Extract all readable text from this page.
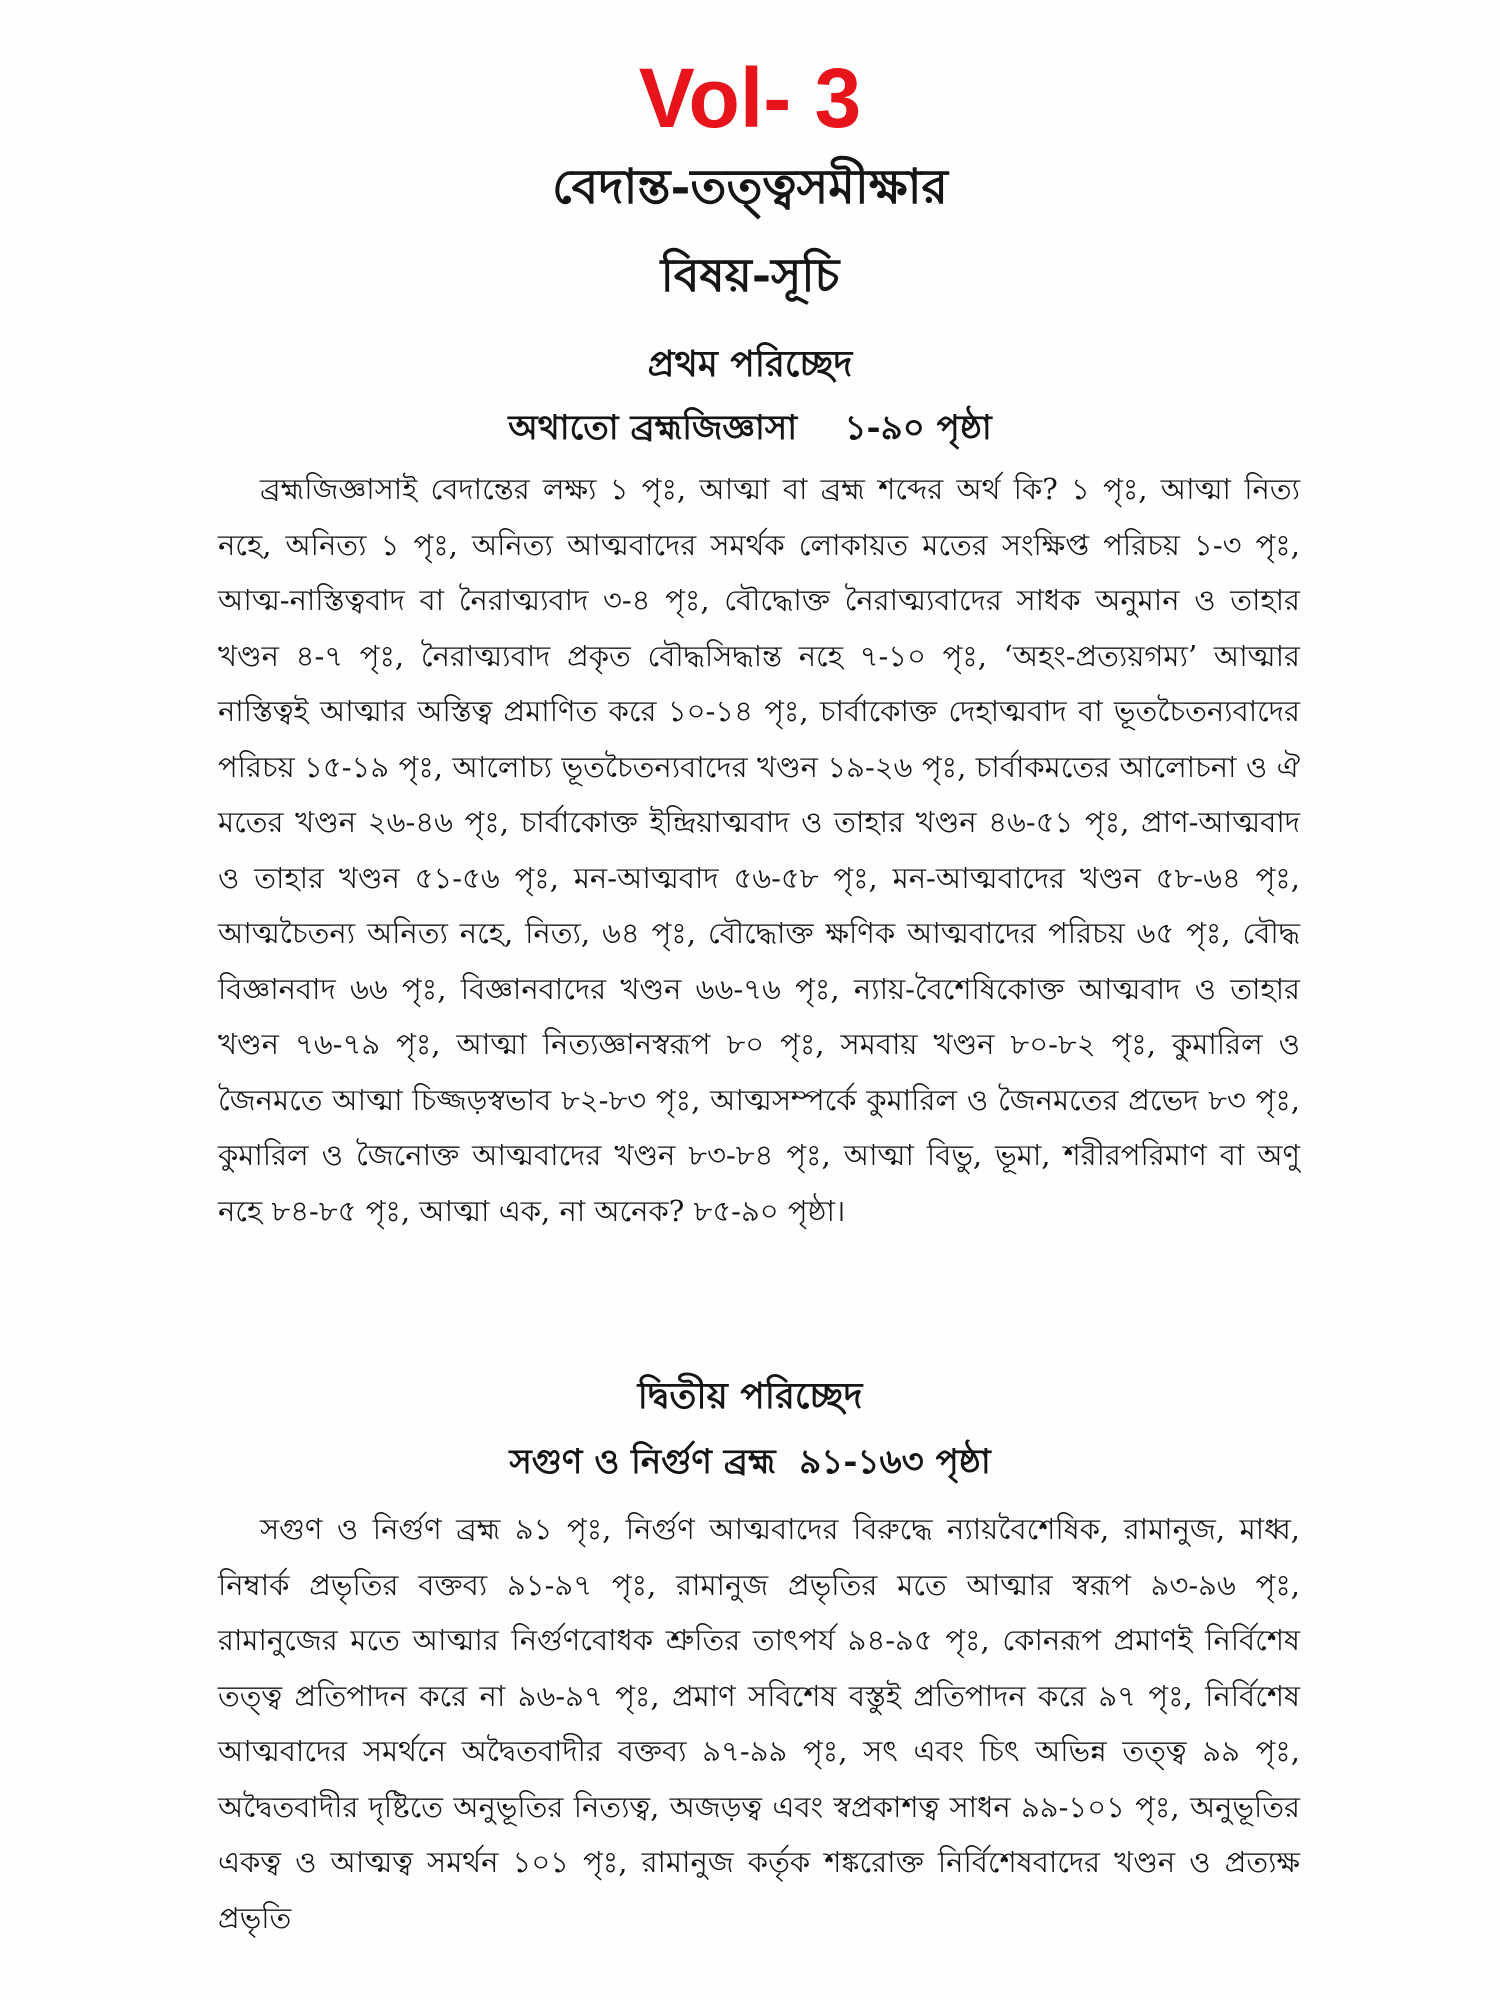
Vol- 3
বেদান্ত-তত্ত্বসমীক্ষার
বিষয়-সূচি
প্রথম পরিচ্ছেদ
অথাতো ব্রহ্মজিজ্ঞাসা    ১-৯০ পৃষ্ঠা

ব্রহ্মজিজ্ঞাসাই বেদান্তের লক্ষ্য ১ পৃঃ, আত্মা বা ব্রহ্ম শব্দের অর্থ কি? ১ পৃঃ, আত্মা নিত্য নহে, অনিত্য ১ পৃঃ, অনিত্য আত্মবাদের সমর্থক লোকায়ত মতের সংক্ষিপ্ত পরিচয় ১-৩ পৃঃ, আত্ম-নাস্তিত্ববাদ বা নৈরাত্ম্যবাদ ৩-৪ পৃঃ, বৌদ্ধোক্ত নৈরাত্ম্যবাদের সাধক অনুমান ও তাহার খণ্ডন ৪-৭ পৃঃ, নৈরাত্ম্যবাদ প্রকৃত বৌদ্ধসিদ্ধান্ত নহে ৭-১০ পৃঃ, ‘অহং-প্রত্যয়গম্য’ আত্মার নাস্তিত্বই আত্মার অস্তিত্ব প্রমাণিত করে ১০-১৪ পৃঃ, চার্বাকোক্ত দেহাত্মবাদ বা ভূতচৈতন্যবাদের পরিচয় ১৫-১৯ পৃঃ, আলোচ্য ভূতচৈতন্যবাদের খণ্ডন ১৯-২৬ পৃঃ, চার্বাকমতের আলোচনা ও ঐ মতের খণ্ডন ২৬-৪৬ পৃঃ, চার্বাকোক্ত ইন্দ্রিয়াত্মবাদ ও তাহার খণ্ডন ৪৬-৫১ পৃঃ, প্রাণ-আত্মবাদ ও তাহার খণ্ডন ৫১-৫৬ পৃঃ, মন-আত্মবাদ ৫৬-৫৮ পৃঃ, মন-আত্মবাদের খণ্ডন ৫৮-৬৪ পৃঃ, আত্মচৈতন্য অনিত্য নহে, নিত্য, ৬৪ পৃঃ, বৌদ্ধোক্ত ক্ষণিক আত্মবাদের পরিচয় ৬৫ পৃঃ, বৌদ্ধ বিজ্ঞানবাদ ৬৬ পৃঃ, বিজ্ঞানবাদের খণ্ডন ৬৬-৭৬ পৃঃ, ন্যায়-বৈশেষিকোক্ত আত্মবাদ ও তাহার খণ্ডন ৭৬-৭৯ পৃঃ, আত্মা নিত্যজ্ঞানস্বরূপ ৮০ পৃঃ, সমবায় খণ্ডন ৮০-৮২ পৃঃ, কুমারিল ও জৈনমতে আত্মা চিজ্জড়স্বভাব ৮২-৮৩ পৃঃ, আত্মসম্পর্কে কুমারিল ও জৈনমতের প্রভেদ ৮৩ পৃঃ, কুমারিল ও জৈনোক্ত আত্মবাদের খণ্ডন ৮৩-৮৪ পৃঃ, আত্মা বিভু, ভূমা, শরীরপরিমাণ বা অণু নহে ৮৪-৮৫ পৃঃ, আত্মা এক, না অনেক? ৮৫-৯০ পৃষ্ঠা।

দ্বিতীয় পরিচ্ছেদ
সগুণ ও নির্গুণ ব্রহ্ম  ৯১-১৬৩ পৃষ্ঠা

সগুণ ও নির্গুণ ব্রহ্ম ৯১ পৃঃ, নির্গুণ আত্মবাদের বিরুদ্ধে ন্যায়বৈশেষিক, রামানুজ, মাধ্ব, নিম্বার্ক প্রভৃতির বক্তব্য ৯১-৯৭ পৃঃ, রামানুজ প্রভৃতির মতে আত্মার স্বরূপ ৯৩-৯৬ পৃঃ, রামানুজের মতে আত্মার নির্গুণবোধক শ্রুতির তাৎপর্য ৯৪-৯৫ পৃঃ, কোনরূপ প্রমাণই নির্বিশেষ তত্ত্ব প্রতিপাদন করে না ৯৬-৯৭ পৃঃ, প্রমাণ সবিশেষ বস্তুই প্রতিপাদন করে ৯৭ পৃঃ, নির্বিশেষ আত্মবাদের সমর্থনে অদ্বৈতবাদীর বক্তব্য ৯৭-৯৯ পৃঃ, সৎ এবং চিৎ অভিন্ন তত্ত্ব ৯৯ পৃঃ, অদ্বৈতবাদীর দৃষ্টিতে অনুভূতির নিত্যত্ব, অজড়ত্ব এবং স্বপ্রকাশত্ব সাধন ৯৯-১০১ পৃঃ, অনুভূতির একত্ব ও আত্মত্ব সমর্থন ১০১ পৃঃ, রামানুজ কর্তৃক শঙ্করোক্ত নির্বিশেষবাদের খণ্ডন ও প্রত্যক্ষ প্রভৃতি
